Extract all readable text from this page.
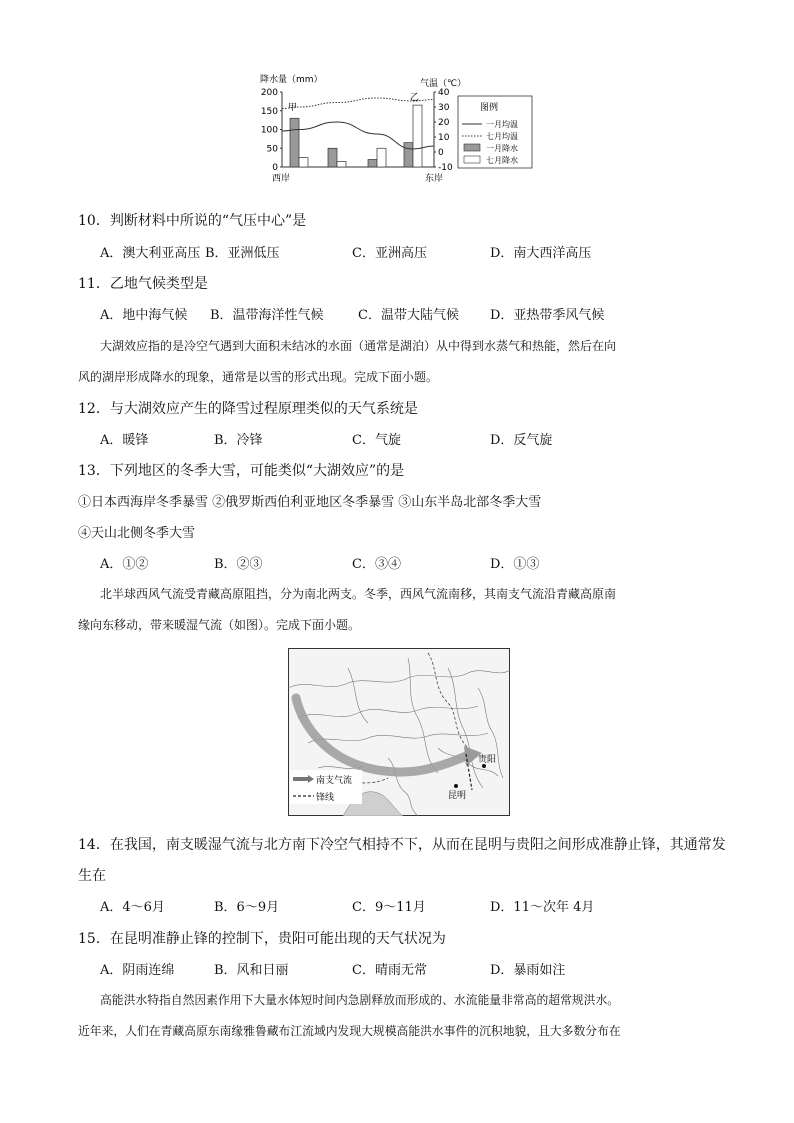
降水量（mm）	气温（℃）
200
150
100
50
0
40
30
20
10
0
-10
甲
乙
西岸	东岸
图例
一月均温
七月均温
一月降水
七月降水
10．判断材料中所说的“气压中心”是
A．澳大利亚高压 B．亚洲低压	C．亚洲高压	D．南大西洋高压
11．乙地气候类型是
A．地中海气候 B．温带海洋性气候	C．温带大陆气候 D．亚热带季风气候
大湖效应指的是冷空气遇到大面积未结冰的水面（通常是湖泊）从中得到水蒸气和热能，然后在向
风的湖岸形成降水的现象，通常是以雪的形式出现。完成下面小题。
12．与大湖效应产生的降雪过程原理类似的天气系统是
A．暖锋	B．冷锋	C．气旋	D．反气旋
13．下列地区的冬季大雪，可能类似“大湖效应”的是
①日本西海岸冬季暴雪 ②俄罗斯西伯利亚地区冬季暴雪 ③山东半岛北部冬季大雪
④天山北侧冬季大雪
A．①②	B．②③	C．③④	D．①③
北半球西风气流受青藏高原阻挡，分为南北两支。冬季，西风气流南移，其南支气流沿青藏高原南
缘向东移动，带来暖湿气流（如图）。完成下面小题。
贵阳
昆明
南支气流
锋线
14．在我国，南支暖湿气流与北方南下冷空气相持不下，从而在昆明与贵阳之间形成准静止锋，其通常发
生在
A．4～6月	B．6～9月	C．9～11月	D．11～次年 4月
15．在昆明准静止锋的控制下，贵阳可能出现的天气状况为
A．阴雨连绵	B．风和日丽	C．晴雨无常	D．暴雨如注
高能洪水特指自然因素作用下大量水体短时间内急剧释放而形成的、水流能量非常高的超常规洪水。
近年来，人们在青藏高原东南缘雅鲁藏布江流域内发现大规模高能洪水事件的沉积地貌，且大多数分布在
